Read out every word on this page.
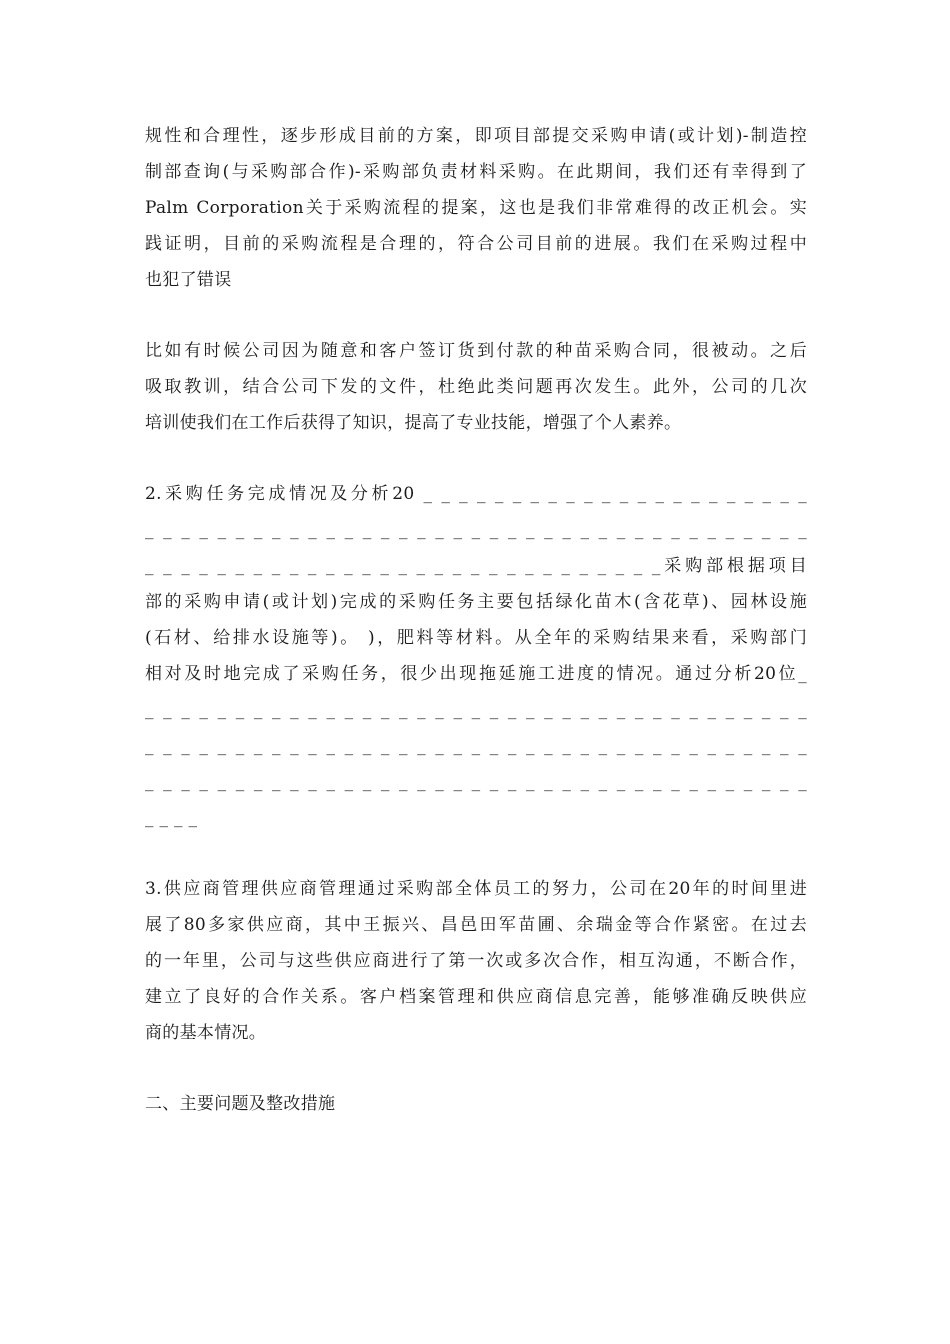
规性和合理性，逐步形成目前的方案，即项目部提交采购申请(或计划)-制造控
制部查询(与采购部合作)-采购部负责材料采购。在此期间，我们还有幸得到了
Palm Corporation关于采购流程的提案，这也是我们非常难得的改正机会。实
践证明，目前的采购流程是合理的，符合公司目前的进展。我们在采购过程中
也犯了错误
比如有时候公司因为随意和客户签订货到付款的种苗采购合同，很被动。之后
吸取教训，结合公司下发的文件，杜绝此类问题再次发生。此外，公司的几次
培训使我们在工作后获得了知识，提高了专业技能，增强了个人素养。
2.采购任务完成情况及分析20 _ _ _ _ _ _ _ _ _ _ _ _ _ _ _ _ _ _ _ _ _ _
_ _ _ _ _ _ _ _ _ _ _ _ _ _ _ _ _ _ _ _ _ _ _ _ _ _ _ _ _ _ _ _ _ _ _ _ _
_ _ _ _ _ _ _ _ _ _ _ _ _ _ _ _ _ _ _ _ _ _ _ _ _ _ _ _ _采购部根据项目
部的采购申请(或计划)完成的采购任务主要包括绿化苗木(含花草)、园林设施
(石材、给排水设施等)。 )，肥料等材料。从全年的采购结果来看，采购部门
相对及时地完成了采购任务，很少出现拖延施工进度的情况。通过分析20位_
_ _ _ _ _ _ _ _ _ _ _ _ _ _ _ _ _ _ _ _ _ _ _ _ _ _ _ _ _ _ _ _ _ _ _ _ _
_ _ _ _ _ _ _ _ _ _ _ _ _ _ _ _ _ _ _ _ _ _ _ _ _ _ _ _ _ _ _ _ _ _ _ _ _
_ _ _ _ _ _ _ _ _ _ _ _ _ _ _ _ _ _ _ _ _ _ _ _ _ _ _ _ _ _ _ _ _ _ _ _ _
_ _ _ _
3.供应商管理供应商管理通过采购部全体员工的努力，公司在20年的时间里进
展了80多家供应商，其中王振兴、昌邑田军苗圃、余瑞金等合作紧密。在过去
的一年里，公司与这些供应商进行了第一次或多次合作，相互沟通，不断合作，
建立了良好的合作关系。客户档案管理和供应商信息完善，能够准确反映供应
商的基本情况。
二、主要问题及整改措施
